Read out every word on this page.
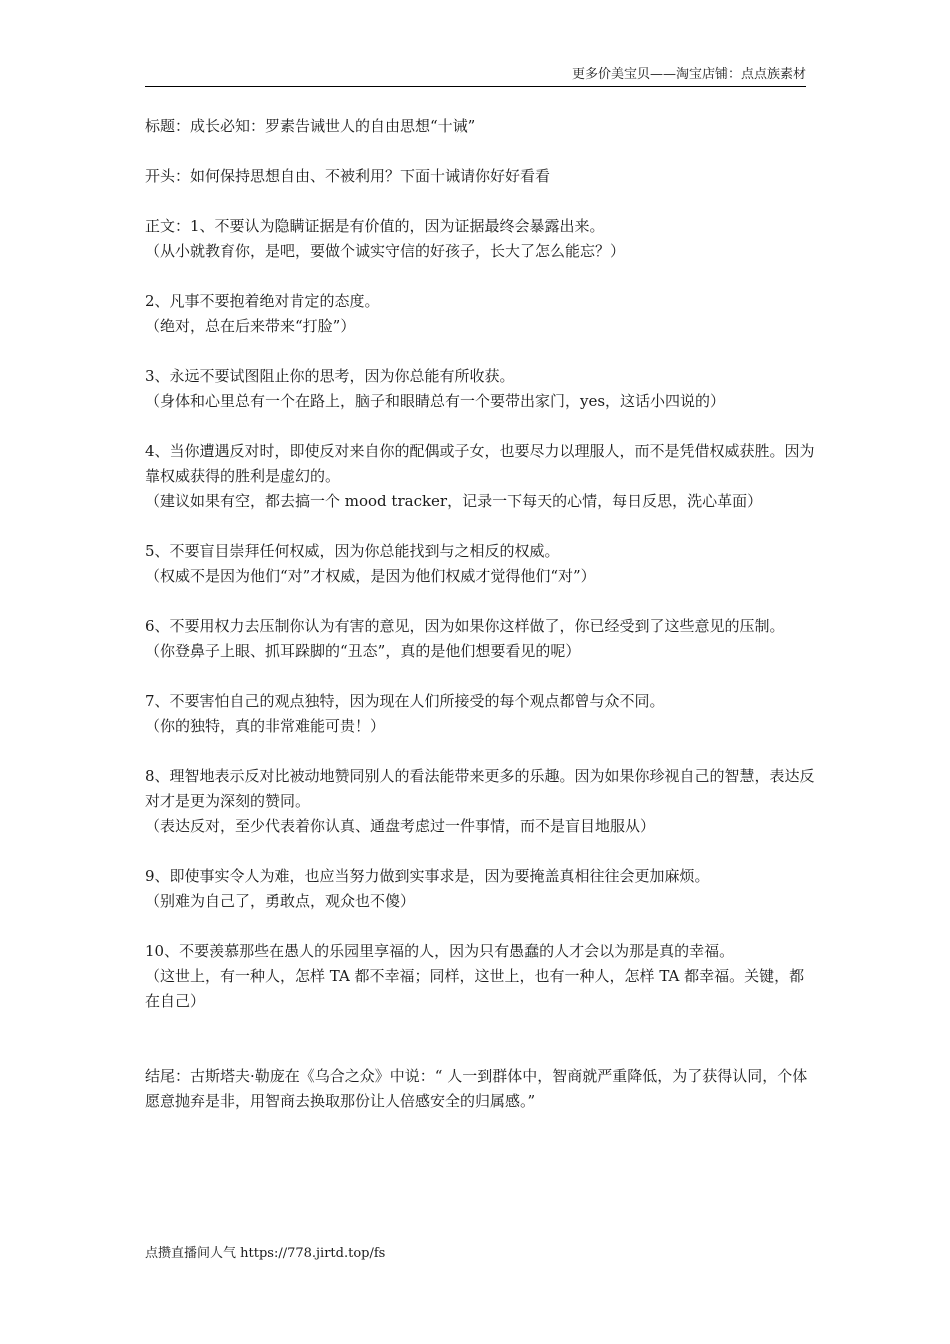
更多价美宝贝——淘宝店铺：点点族素材

标题：成长必知：罗素告诫世人的自由思想“十诫”

开头：如何保持思想自由、不被利用？下面十诫请你好好看看

正文：1、不要认为隐瞒证据是有价值的，因为证据最终会暴露出来。

（从小就教育你，是吧，要做个诚实守信的好孩子，长大了怎么能忘？）

2、凡事不要抱着绝对肯定的态度。

（绝对，总在后来带来“打脸”）

3、永远不要试图阻止你的思考，因为你总能有所收获。

（身体和心里总有一个在路上，脑子和眼睛总有一个要带出家门，yes，这话小四说的）

4、当你遭遇反对时，即使反对来自你的配偶或子女，也要尽力以理服人，而不是凭借权威获胜。因为靠权威获得的胜利是虚幻的。

（建议如果有空，都去搞一个 mood tracker，记录一下每天的心情，每日反思，洗心革面）

5、不要盲目崇拜任何权威，因为你总能找到与之相反的权威。

（权威不是因为他们“对”才权威，是因为他们权威才觉得他们“对”）

6、不要用权力去压制你认为有害的意见，因为如果你这样做了，你已经受到了这些意见的压制。

（你登鼻子上眼、抓耳跺脚的“丑态”，真的是他们想要看见的呢）

7、不要害怕自己的观点独特，因为现在人们所接受的每个观点都曾与众不同。

（你的独特，真的非常难能可贵！）

8、理智地表示反对比被动地赞同别人的看法能带来更多的乐趣。因为如果你珍视自己的智慧，表达反对才是更为深刻的赞同。

（表达反对，至少代表着你认真、通盘考虑过一件事情，而不是盲目地服从）

9、即使事实令人为难，也应当努力做到实事求是，因为要掩盖真相往往会更加麻烦。

（别难为自己了，勇敢点，观众也不傻）

10、不要羡慕那些在愚人的乐园里享福的人，因为只有愚蠢的人才会以为那是真的幸福。

（这世上，有一种人，怎样 TA 都不幸福；同样，这世上，也有一种人，怎样 TA 都幸福。关键，都在自己）

结尾：古斯塔夫·勒庞在《乌合之众》中说：“ 人一到群体中，智商就严重降低，为了获得认同，个体愿意抛弃是非，用智商去换取那份让人倍感安全的归属感。”

点攒直播间人气 https://778.jirtd.top/fs
